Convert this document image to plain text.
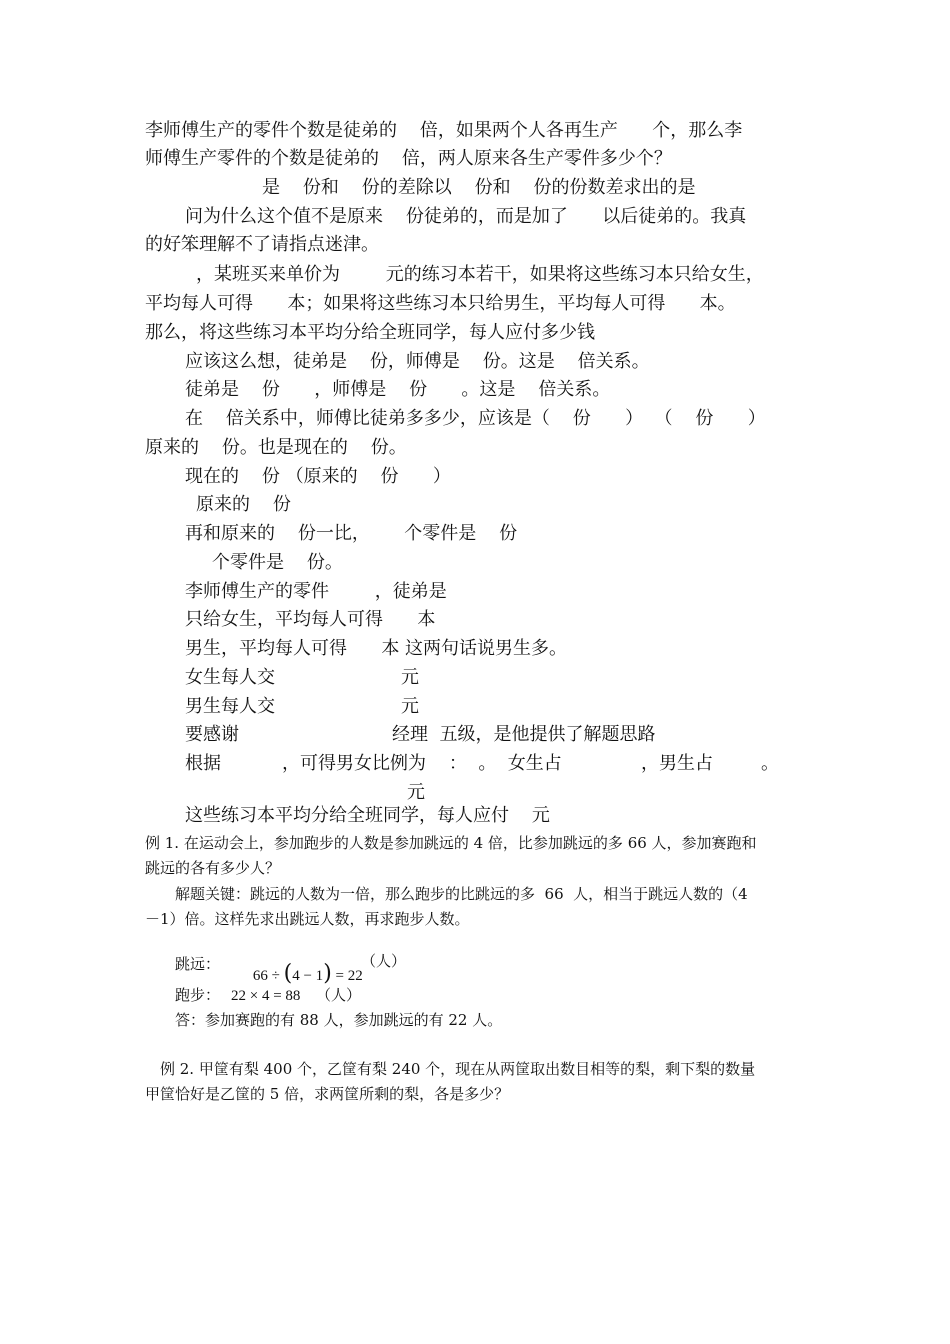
李师傅生产的零件个数是徒弟的    倍，如果两个人各再生产      个，那么李
师傅生产零件的个数是徒弟的    倍，两人原来各生产零件多少个？
是    份和    份的差除以    份和    份的份数差求出的是
问为什么这个值不是原来    份徒弟的，而是加了      以后徒弟的。我真
的好笨理解不了请指点迷津。
，某班买来单价为        元的练习本若干，如果将这些练习本只给女生，
平均每人可得      本；如果将这些练习本只给男生，平均每人可得      本。
那么，将这些练习本平均分给全班同学，每人应付多少钱
应该这么想，徒弟是    份，师傅是    份。这是    倍关系。
徒弟是    份      ，师傅是    份      。这是    倍关系。
在    倍关系中，师傅比徒弟多多少，应该是（    份      ）  （    份      ）
原来的    份。也是现在的    份。
现在的    份 （原来的    份      ）
原来的    份
再和原来的    份一比，      个零件是    份
个零件是    份。
李师傅生产的零件        ，徒弟是
只给女生，平均每人可得      本
男生，平均每人可得      本 这两句话说男生多。
女生每人交	元
男生每人交	元
要感谢	经理  五级，是他提供了解题思路
根据	，可得男女比例为    ：  。  女生占	，男生占	。
元
这些练习本平均分给全班同学，每人应付    元
例 1. 在运动会上，参加跑步的人数是参加跳远的 4 倍，比参加跳远的多 66 人，参加赛跑和
跳远的各有多少人？
解题关键：跳远的人数为一倍，那么跑步的比跳远的多  66  人，相当于跳远人数的（4
－1）倍。这样先求出跳远人数，再求跑步人数。
跳远：

66 ÷ (4 − 1) = 22

（人）
跑步： 22 × 4 = 88 （人）
答：参加赛跑的有 88 人，参加跳远的有 22 人。
例 2. 甲筐有梨 400 个，乙筐有梨 240 个，现在从两筐取出数目相等的梨，剩下梨的数量
甲筐恰好是乙筐的 5 倍，求两筐所剩的梨，各是多少？
